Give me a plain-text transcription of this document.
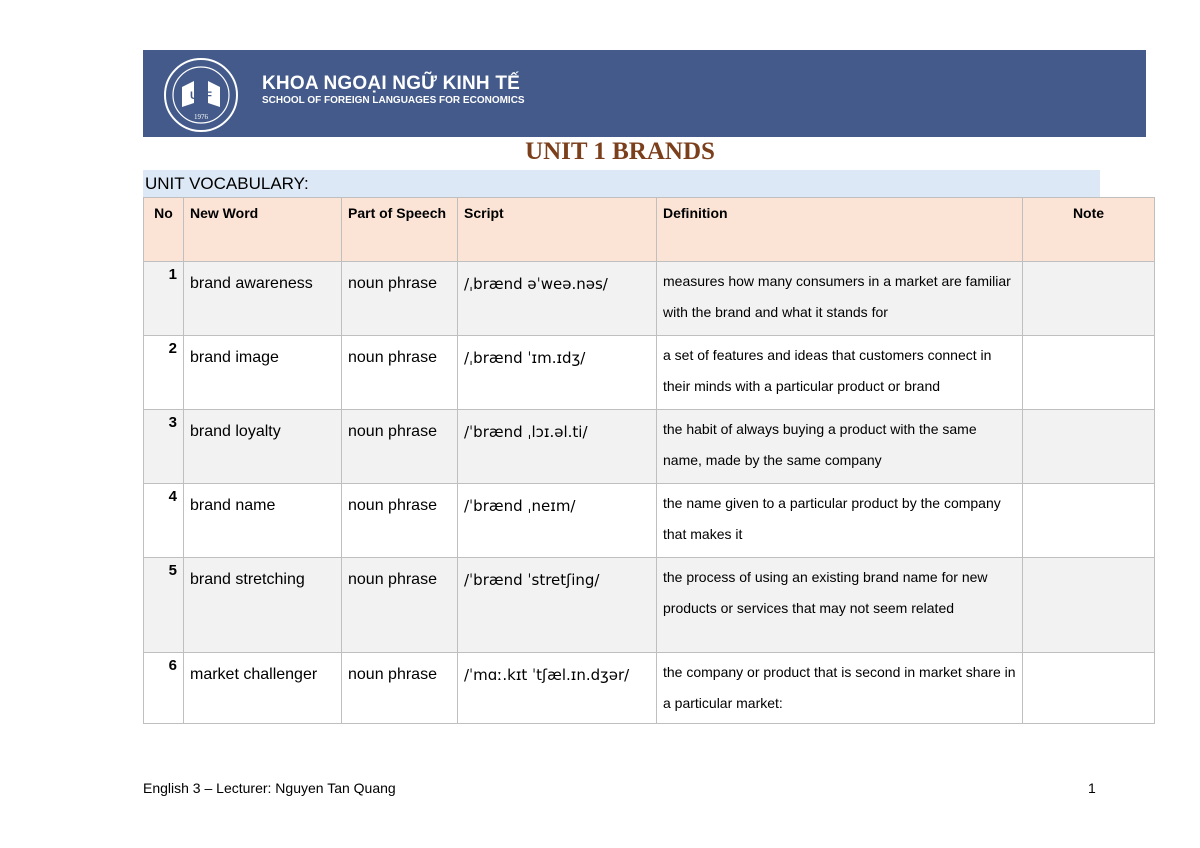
UEF
1976
KHOA NGOẠI NGỮ KINH TẾ
SCHOOL OF FOREIGN LANGUAGES FOR ECONOMICS
UNIT 1 BRANDS
UNIT VOCABULARY:
No	New Word	Part of Speech	Script	Definition	Note
1	brand awareness	noun phrase	/ˌbrænd əˈweə.nəs/	measures how many consumers in a market are familiar with the brand and what it stands for	
2	brand image	noun phrase	/ˌbrænd ˈɪm.ɪdʒ/	a set of features and ideas that customers connect in their minds with a particular product or brand	
3	brand loyalty	noun phrase	/ˈbrænd ˌlɔɪ.əl.ti/	the habit of always buying a product with the same name, made by the same company	
4	brand name	noun phrase	/ˈbrænd ˌneɪm/	the name given to a particular product by the company that makes it	
5	brand stretching	noun phrase	/ˈbrænd ˈstretʃing/	the process of using an existing brand name for new products or services that may not seem related	
6	market challenger	noun phrase	/ˈmɑː.kɪt ˈtʃæl.ɪn.dʒər/	the company or product that is second in market share in a particular market:	
English 3 – Lecturer: Nguyen Tan Quang	1
